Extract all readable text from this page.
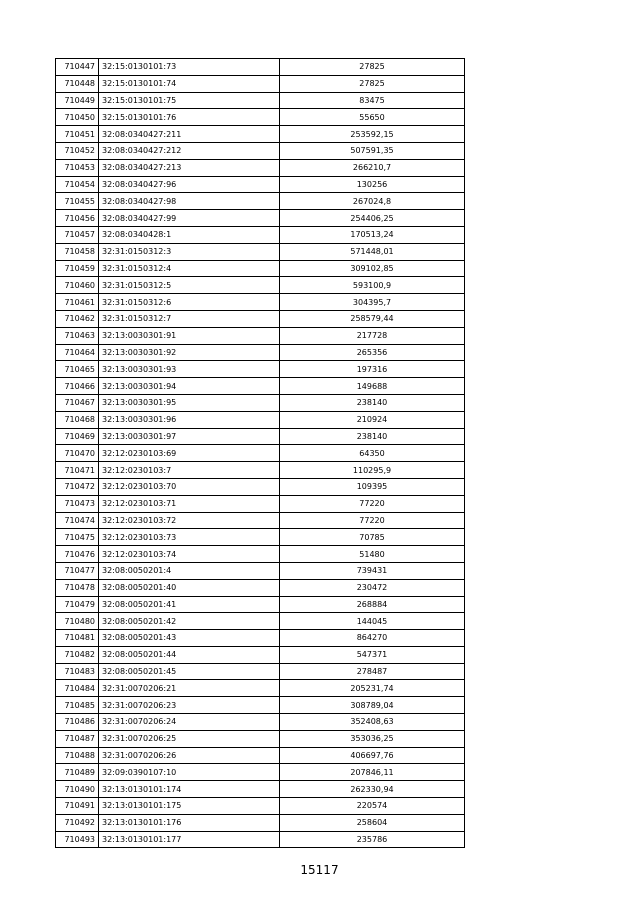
710447	32:15:0130101:73	27825
710448	32:15:0130101:74	27825
710449	32:15:0130101:75	83475
710450	32:15:0130101:76	55650
710451	32:08:0340427:211	253592,15
710452	32:08:0340427:212	507591,35
710453	32:08:0340427:213	266210,7
710454	32:08:0340427:96	130256
710455	32:08:0340427:98	267024,8
710456	32:08:0340427:99	254406,25
710457	32:08:0340428:1	170513,24
710458	32:31:0150312:3	571448,01
710459	32:31:0150312:4	309102,85
710460	32:31:0150312:5	593100,9
710461	32:31:0150312:6	304395,7
710462	32:31:0150312:7	258579,44
710463	32:13:0030301:91	217728
710464	32:13:0030301:92	265356
710465	32:13:0030301:93	197316
710466	32:13:0030301:94	149688
710467	32:13:0030301:95	238140
710468	32:13:0030301:96	210924
710469	32:13:0030301:97	238140
710470	32:12:0230103:69	64350
710471	32:12:0230103:7	110295,9
710472	32:12:0230103:70	109395
710473	32:12:0230103:71	77220
710474	32:12:0230103:72	77220
710475	32:12:0230103:73	70785
710476	32:12:0230103:74	51480
710477	32:08:0050201:4	739431
710478	32:08:0050201:40	230472
710479	32:08:0050201:41	268884
710480	32:08:0050201:42	144045
710481	32:08:0050201:43	864270
710482	32:08:0050201:44	547371
710483	32:08:0050201:45	278487
710484	32:31:0070206:21	205231,74
710485	32:31:0070206:23	308789,04
710486	32:31:0070206:24	352408,63
710487	32:31:0070206:25	353036,25
710488	32:31:0070206:26	406697,76
710489	32:09:0390107:10	207846,11
710490	32:13:0130101:174	262330,94
710491	32:13:0130101:175	220574
710492	32:13:0130101:176	258604
710493	32:13:0130101:177	235786
15117
